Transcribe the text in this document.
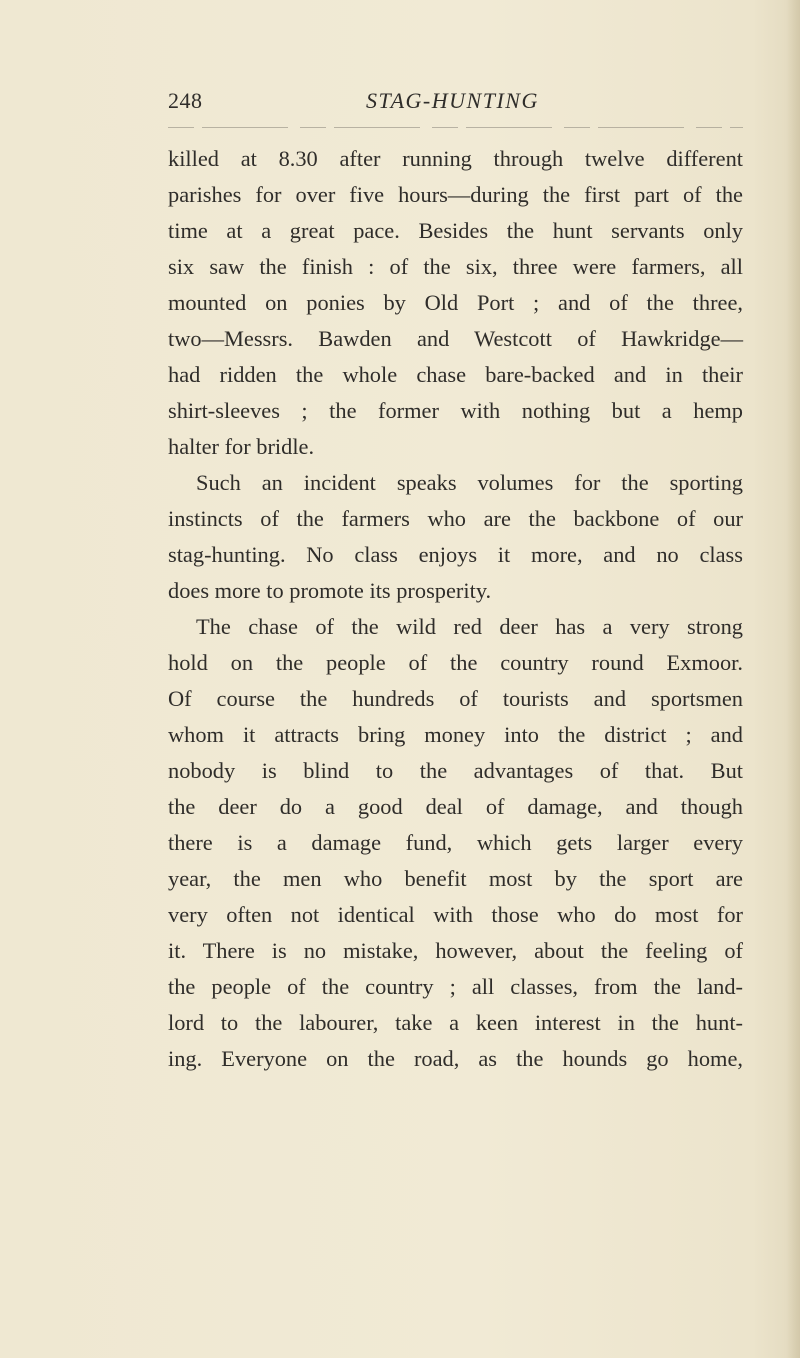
248	STAG-HUNTING
killed at 8.30 after running through twelve different
parishes for over five hours—during the first part of the
time at a great pace. Besides the hunt servants only
six saw the finish : of the six, three were farmers, all
mounted on ponies by Old Port ; and of the three,
two—Messrs. Bawden and Westcott of Hawkridge—
had ridden the whole chase bare-backed and in their
shirt-sleeves ; the former with nothing but a hemp
halter for bridle.
Such an incident speaks volumes for the sporting
instincts of the farmers who are the backbone of our
stag-hunting. No class enjoys it more, and no class
does more to promote its prosperity.
The chase of the wild red deer has a very strong
hold on the people of the country round Exmoor.
Of course the hundreds of tourists and sportsmen
whom it attracts bring money into the district ; and
nobody is blind to the advantages of that. But
the deer do a good deal of damage, and though
there is a damage fund, which gets larger every
year, the men who benefit most by the sport are
very often not identical with those who do most for
it. There is no mistake, however, about the feeling of
the people of the country ; all classes, from the land-
lord to the labourer, take a keen interest in the hunt-
ing. Everyone on the road, as the hounds go home,
